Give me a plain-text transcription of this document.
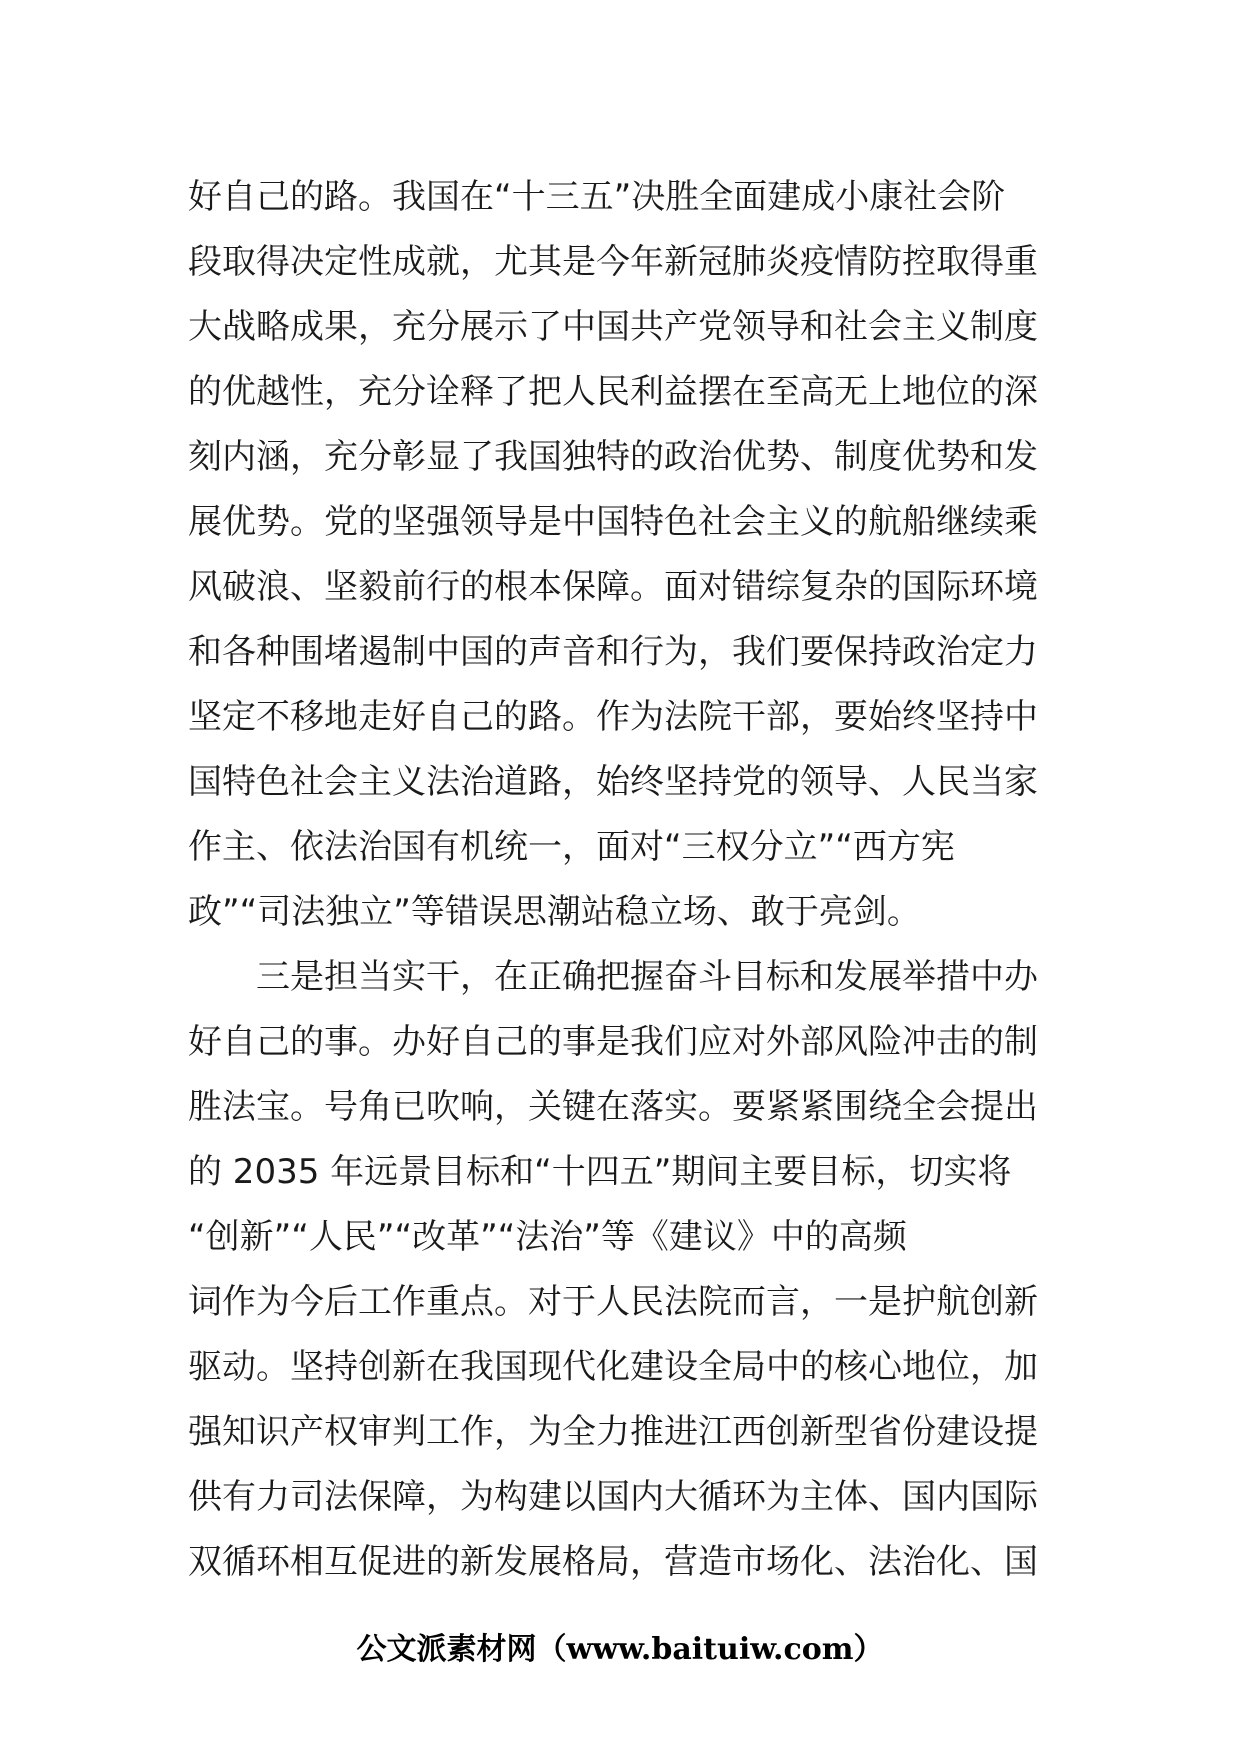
好自己的路。我国在“十三五”决胜全面建成小康社会阶
段取得决定性成就，尤其是今年新冠肺炎疫情防控取得重
大战略成果，充分展示了中国共产党领导和社会主义制度
的优越性，充分诠释了把人民利益摆在至高无上地位的深
刻内涵，充分彰显了我国独特的政治优势、制度优势和发
展优势。党的坚强领导是中国特色社会主义的航船继续乘
风破浪、坚毅前行的根本保障。面对错综复杂的国际环境
和各种围堵遏制中国的声音和行为，我们要保持政治定力
坚定不移地走好自己的路。作为法院干部，要始终坚持中
国特色社会主义法治道路，始终坚持党的领导、人民当家
作主、依法治国有机统一，面对“三权分立”“西方宪
政”“司法独立”等错误思潮站稳立场、敢于亮剑。
　　三是担当实干，在正确把握奋斗目标和发展举措中办
好自己的事。办好自己的事是我们应对外部风险冲击的制
胜法宝。号角已吹响，关键在落实。要紧紧围绕全会提出
的 2035 年远景目标和“十四五”期间主要目标，切实将
“创新”“人民”“改革”“法治”等《建议》中的高频
词作为今后工作重点。对于人民法院而言，一是护航创新
驱动。坚持创新在我国现代化建设全局中的核心地位，加
强知识产权审判工作，为全力推进江西创新型省份建设提
供有力司法保障，为构建以国内大循环为主体、国内国际
双循环相互促进的新发展格局，营造市场化、法治化、国
公文派素材网（www.baituiw.com）
